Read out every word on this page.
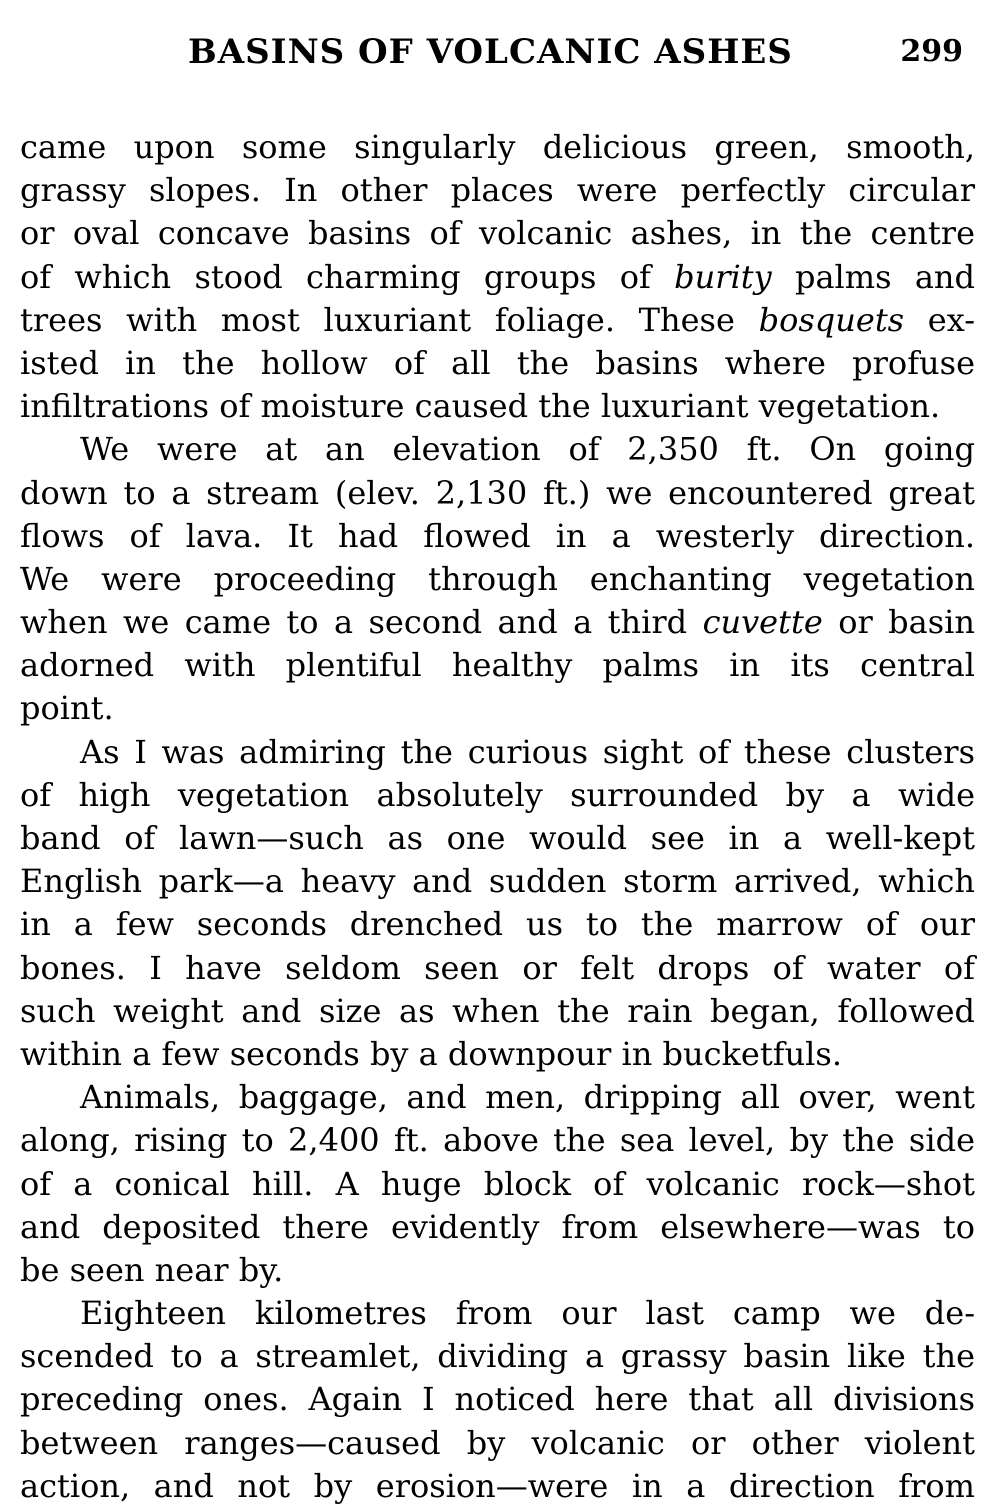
BASINS OF VOLCANIC ASHES	299
came upon some singularly delicious green, smooth,
grassy slopes. In other places were perfectly circular
or oval concave basins of volcanic ashes, in the centre
of which stood charming groups of burity palms and
trees with most luxuriant foliage. These bosquets ex-
isted in the hollow of all the basins where profuse
infiltrations of moisture caused the luxuriant vegetation.
We were at an elevation of 2,350 ft. On going
down to a stream (elev. 2,130 ft.) we encountered great
flows of lava. It had flowed in a westerly direction.
We were proceeding through enchanting vegetation
when we came to a second and a third cuvette or basin
adorned with plentiful healthy palms in its central
point.
As I was admiring the curious sight of these clusters
of high vegetation absolutely surrounded by a wide
band of lawn—such as one would see in a well-kept
English park—a heavy and sudden storm arrived, which
in a few seconds drenched us to the marrow of our
bones. I have seldom seen or felt drops of water of
such weight and size as when the rain began, followed
within a few seconds by a downpour in bucketfuls.
Animals, baggage, and men, dripping all over, went
along, rising to 2,400 ft. above the sea level, by the side
of a conical hill. A huge block of volcanic rock—shot
and deposited there evidently from elsewhere—was to
be seen near by.
Eighteen kilometres from our last camp we de-
scended to a streamlet, dividing a grassy basin like the
preceding ones. Again I noticed here that all divisions
between ranges—caused by volcanic or other violent
action, and not by erosion—were in a direction from
